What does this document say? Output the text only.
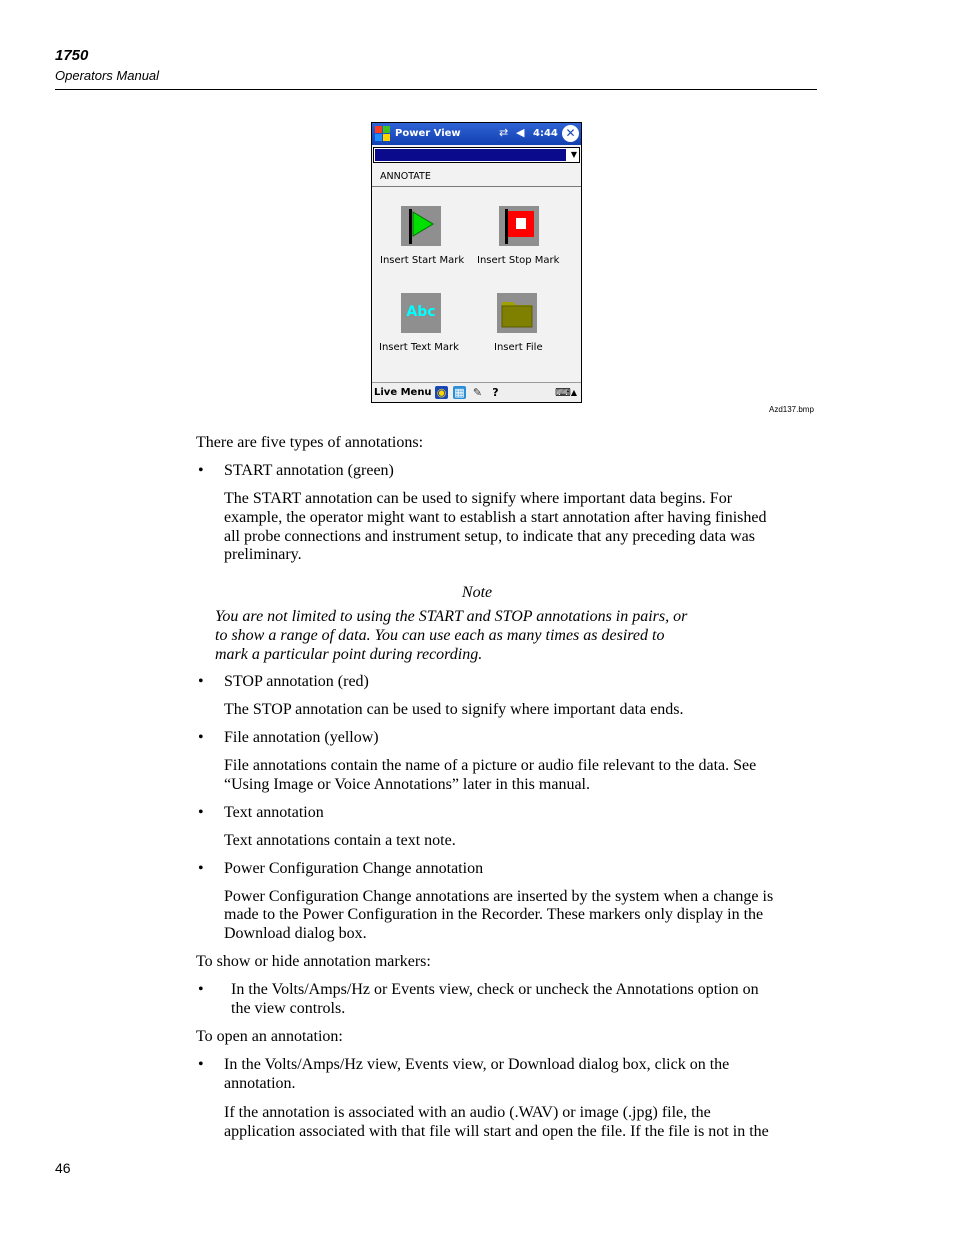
1750
Operators Manual
Power View	⇄ ◀ 4:44 ✕
▼
ANNOTATE
Insert Start Mark Insert Stop Mark
Abc
Insert Text Mark	Insert File
Live Menu ◉ ▦ ✎ ?	⌨ ▲
Azd137.bmp
There are five types of annotations:
• START annotation (green)
The START annotation can be used to signify where important data begins. For
example, the operator might want to establish a start annotation after having finished
all probe connections and instrument setup, to indicate that any preceding data was
preliminary.
Note
You are not limited to using the START and STOP annotations in pairs, or
to show a range of data. You can use each as many times as desired to
mark a particular point during recording.
• STOP annotation (red)
The STOP annotation can be used to signify where important data ends.
• File annotation (yellow)
File annotations contain the name of a picture or audio file relevant to the data. See
“Using Image or Voice Annotations” later in this manual.
• Text annotation
Text annotations contain a text note.
• Power Configuration Change annotation
Power Configuration Change annotations are inserted by the system when a change is
made to the Power Configuration in the Recorder. These markers only display in the
Download dialog box.
To show or hide annotation markers:
• In the Volts/Amps/Hz or Events view, check or uncheck the Annotations option on
the view controls.
To open an annotation:
• In the Volts/Amps/Hz view, Events view, or Download dialog box, click on the
annotation.
If the annotation is associated with an audio (.WAV) or image (.jpg) file, the
application associated with that file will start and open the file. If the file is not in the
46
